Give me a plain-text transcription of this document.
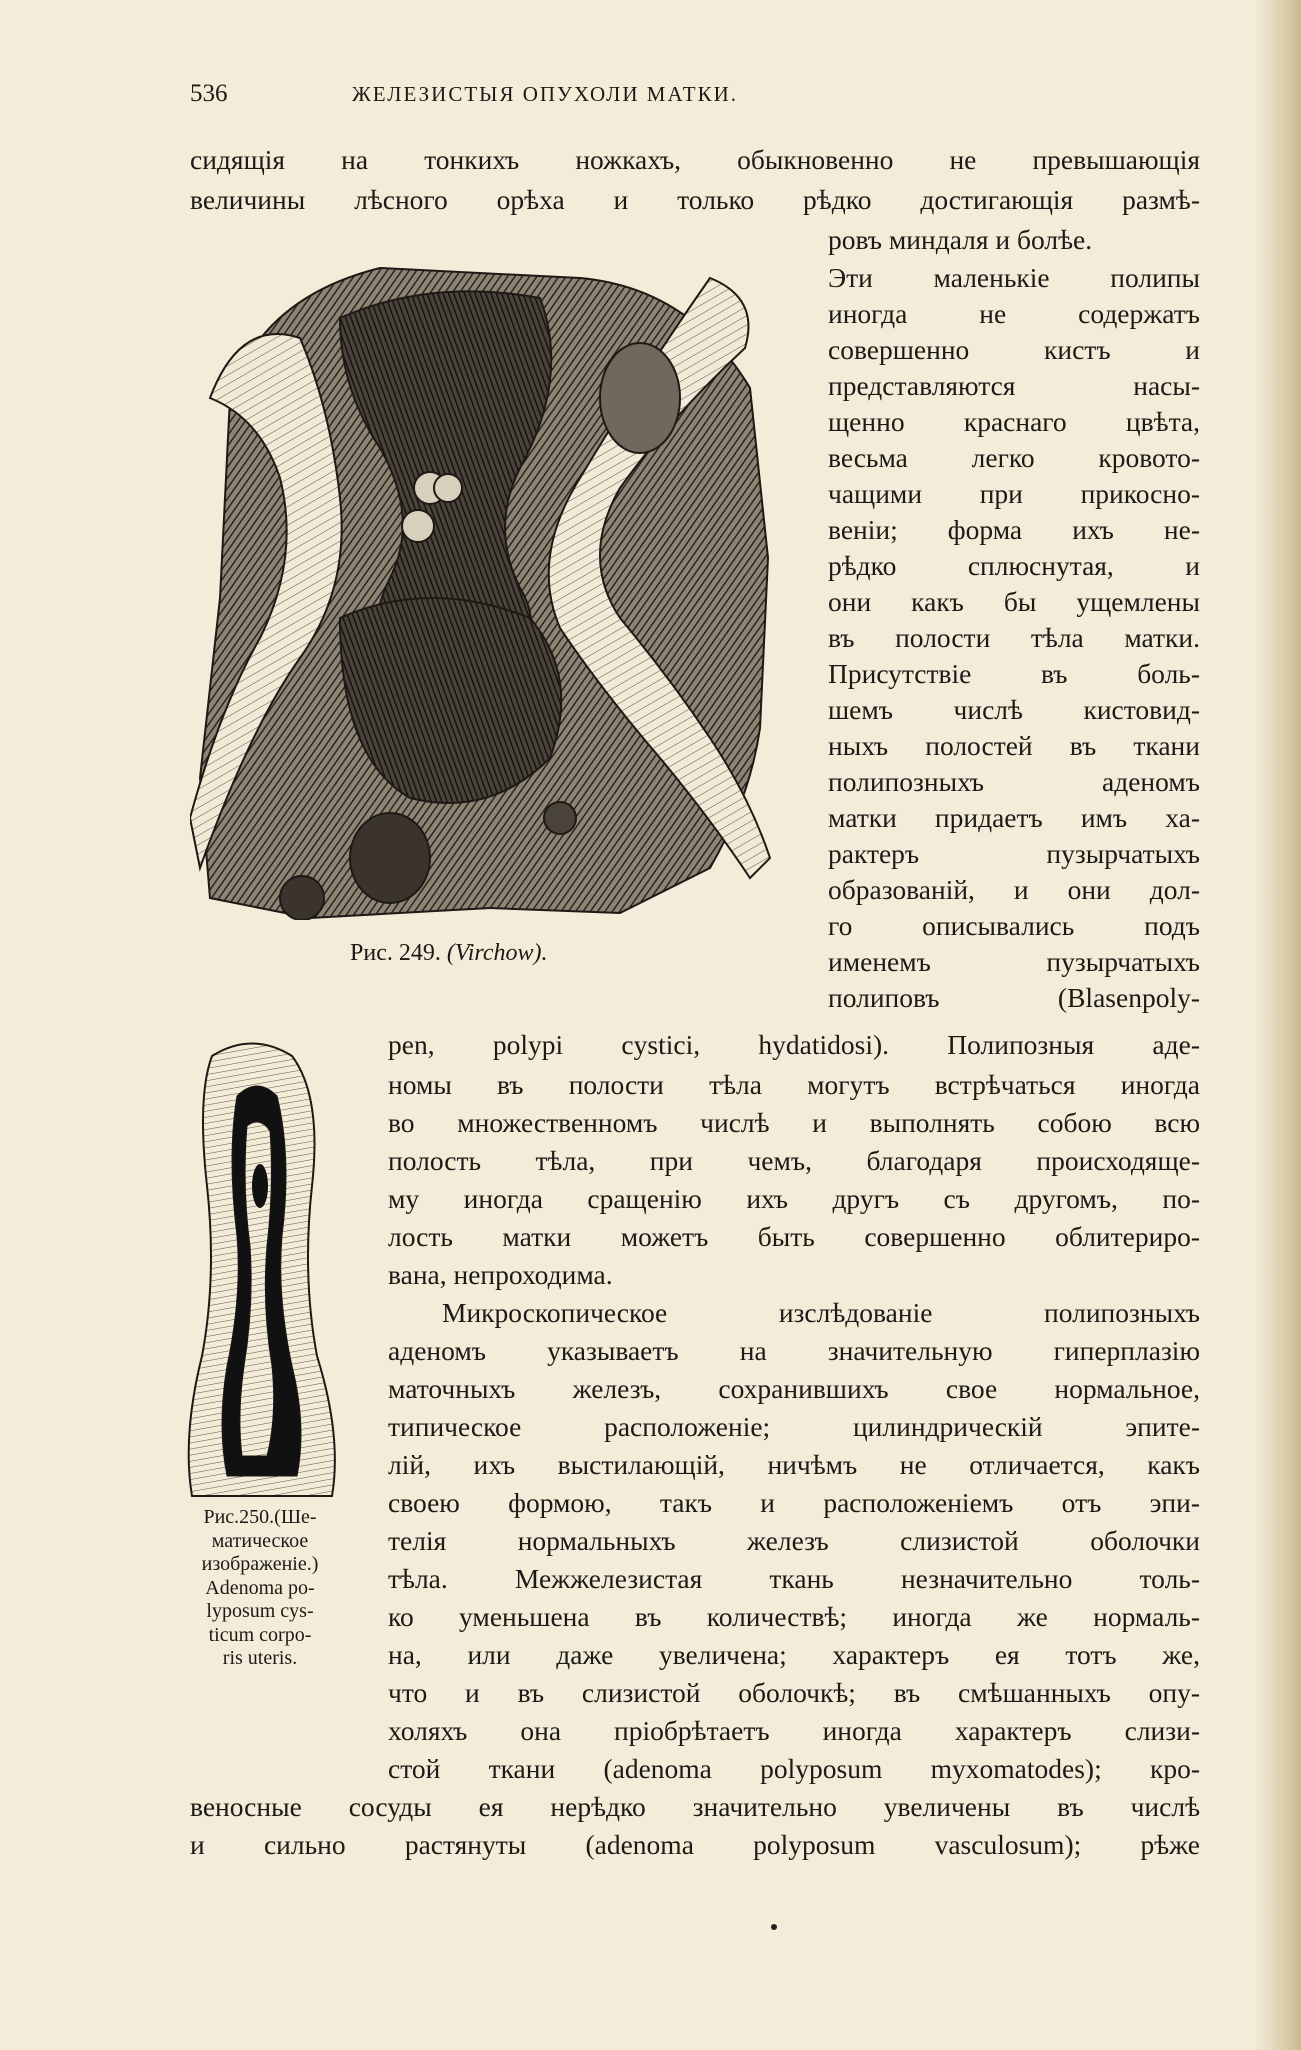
536	ЖЕЛЕЗИСТЫЯ ОПУХОЛИ МАТКИ.
сидящія на тонкихъ ножкахъ, обыкновенно не превышающія
величины лѣсного орѣха и только рѣдко достигающія размѣ-
ровъ миндаля и болѣе.
Эти маленькіе полипы
иногда не содержатъ
совершенно кистъ и
представляются насы-
щенно краснаго цвѣта,
весьма легко кровото-
чащими при прикосно-
веніи; форма ихъ не-
рѣдко сплюснутая, и
они какъ бы ущемлены
въ полости тѣла матки.
Присутствіе въ боль-
шемъ числѣ кистовид-
ныхъ полостей въ ткани
полипозныхъ аденомъ
матки придаетъ имъ ха-
рактеръ пузырчатыхъ
образованій, и они дол-
го описывались подъ
именемъ пузырчатыхъ
полиповъ (Blasenpoly-
pen, polypi cystici, hydatidosi). Полипозныя аде-
номы въ полости тѣла могутъ встрѣчаться иногда
во множественномъ числѣ и выполнять собою всю
полость тѣла, при чемъ, благодаря происходяще-
му иногда сращенію ихъ другъ съ другомъ, по-
лость матки можетъ быть совершенно облитериро-
вана, непроходима.
Микроскопическое изслѣдованіе полипозныхъ
аденомъ указываетъ на значительную гиперплазію
маточныхъ железъ, сохранившихъ свое нормальное,
типическое расположеніе; цилиндрическій эпите-
лій, ихъ выстилающій, ничѣмъ не отличается, какъ
своею формою, такъ и расположеніемъ отъ эпи-
телія нормальныхъ железъ слизистой оболочки
тѣла. Межжелезистая ткань незначительно толь-
ко уменьшена въ количествѣ; иногда же нормаль-
на, или даже увеличена; характеръ ея тотъ же,
что и въ слизистой оболочкѣ; въ смѣшанныхъ опу-
холяхъ она пріобрѣтаетъ иногда характеръ слизи-
стой ткани (adenoma polyposum myxomatodes); кро-
веносные сосуды ея нерѣдко значительно увеличены въ числѣ
и сильно растянуты (adenoma polyposum vasculosum); рѣже
Рис. 249. (Virchow).
Рис.250.(Ше-
матическое
изображеніе.)
Adenoma po-
lyposum cys-
ticum corpo-
ris uteris.
